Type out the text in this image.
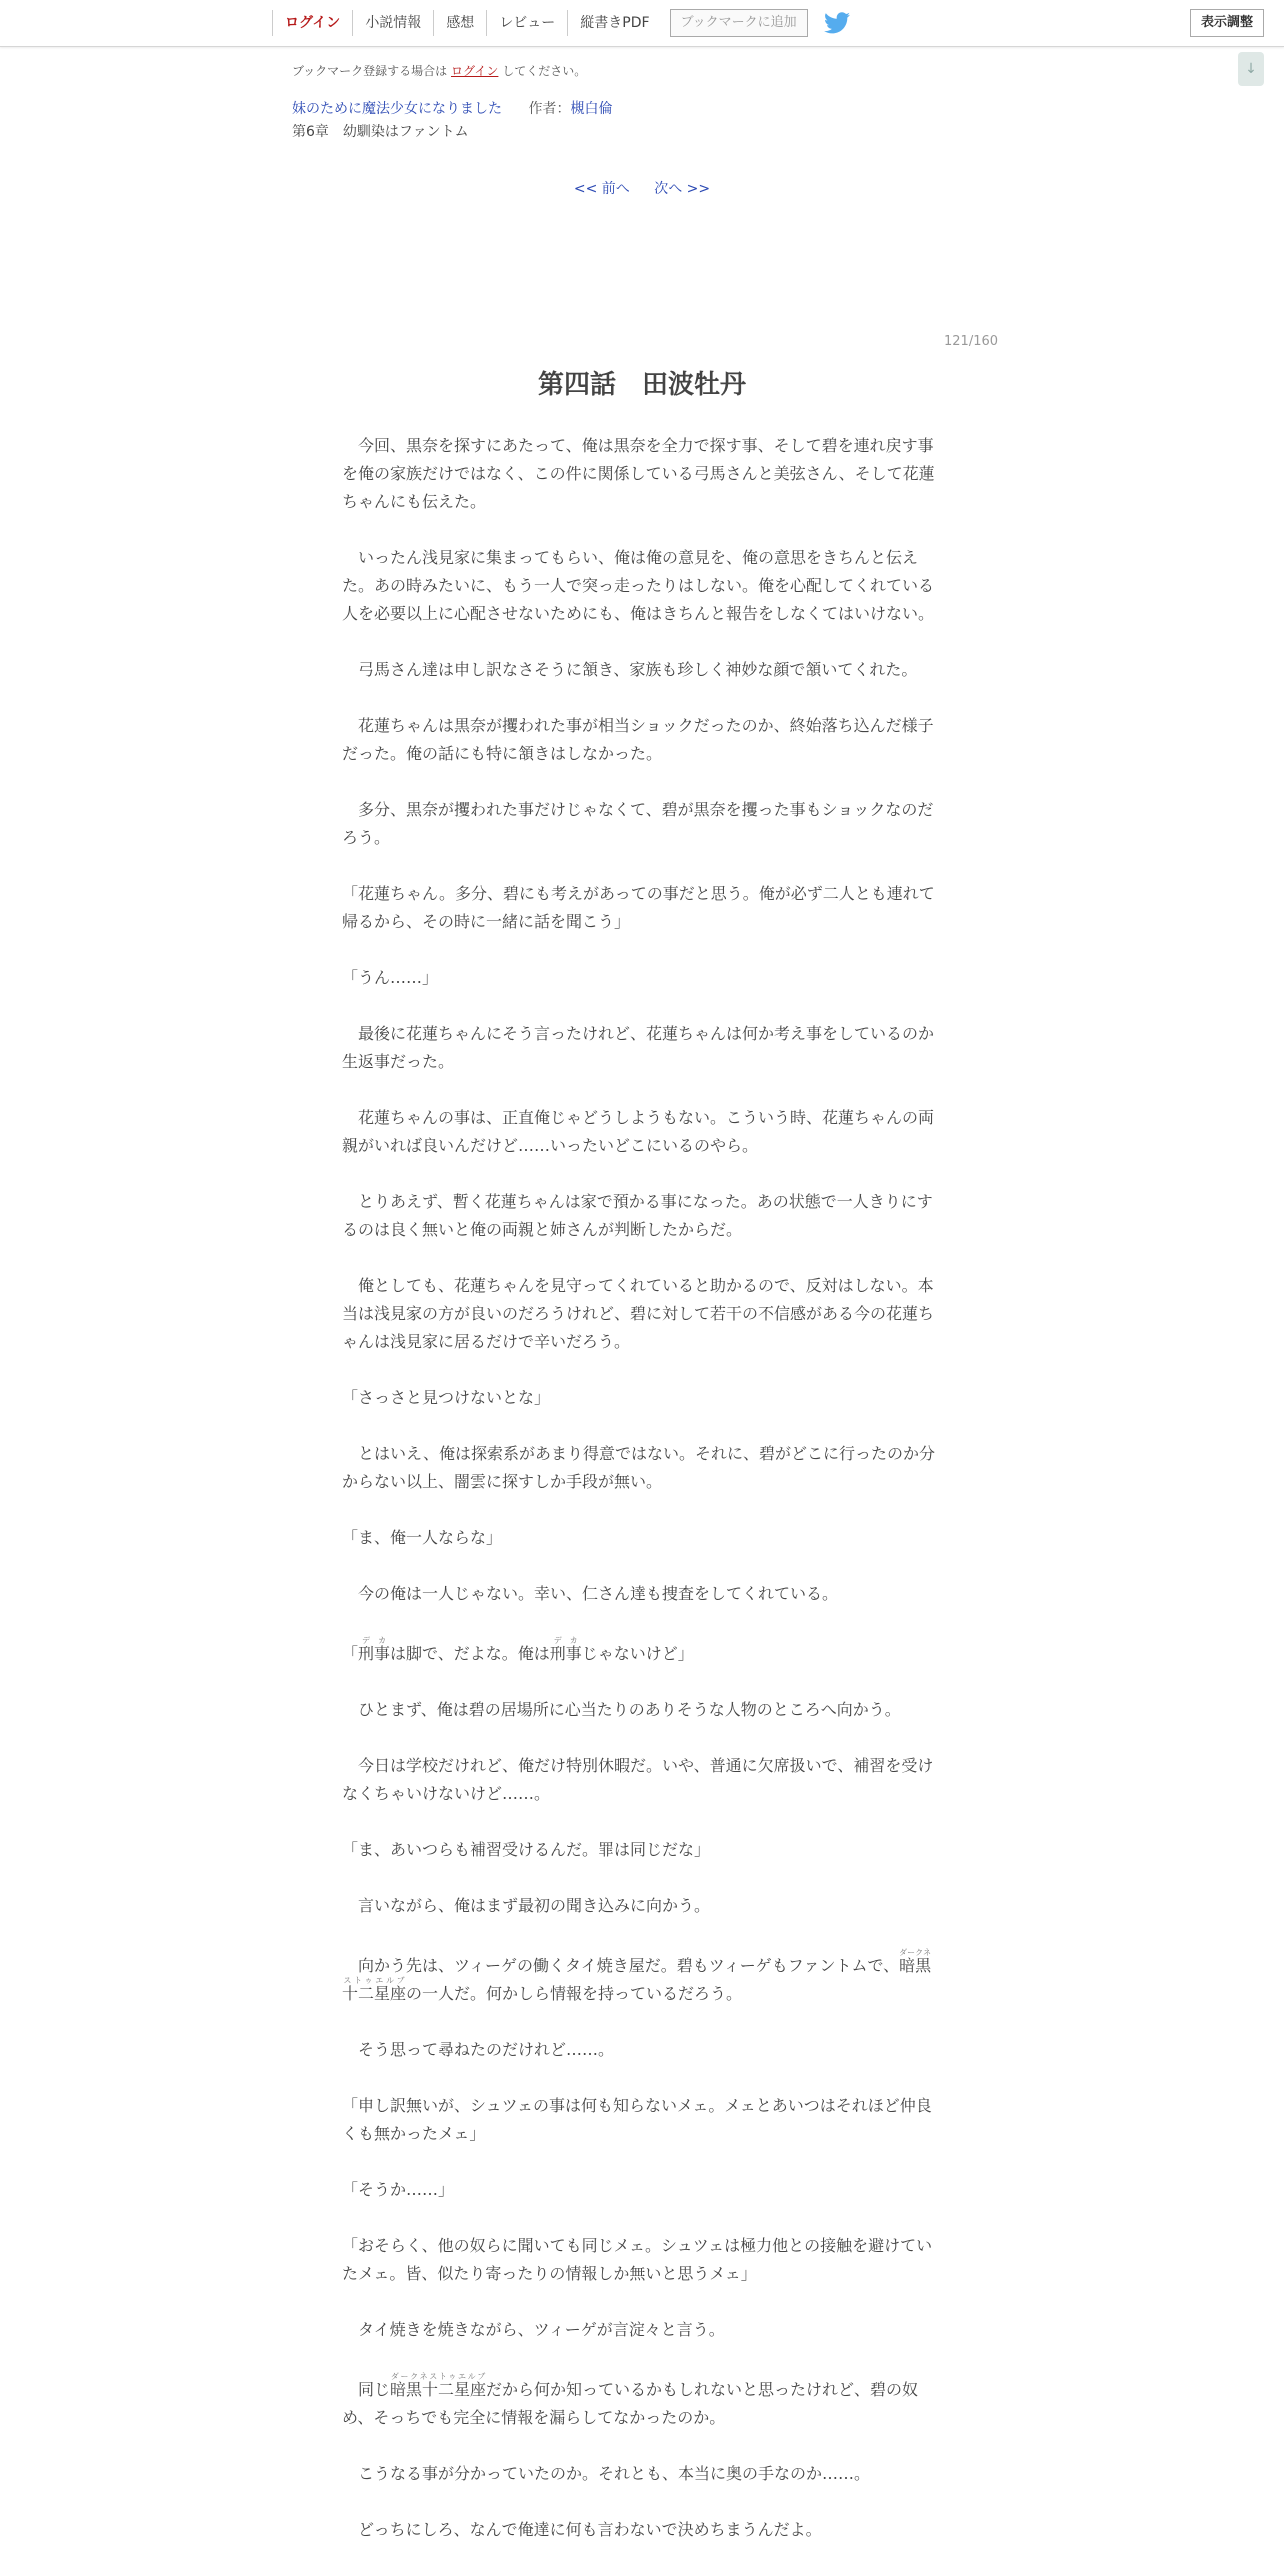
ログイン	小説情報	感想	レビュー	縦書きPDF	ブックマークに追加	表示調整
↓
ブックマーク登録する場合は ログイン してください。
妹のために魔法少女になりました 作者：槻白倫
第6章　幼馴染はファントム
<< 前へ 次へ >>
121/160
第四話　田波牡丹

　今回、黒奈を探すにあたって、俺は黒奈を全力で探す事、そして碧を連れ戻す事を俺の家族だけではなく、この件に関係している弓馬さんと美弦さん、そして花蓮ちゃんにも伝えた。

　いったん浅見家に集まってもらい、俺は俺の意見を、俺の意思をきちんと伝えた。あの時みたいに、もう一人で突っ走ったりはしない。俺を心配してくれている人を必要以上に心配させないためにも、俺はきちんと報告をしなくてはいけない。

　弓馬さん達は申し訳なさそうに頷き、家族も珍しく神妙な顔で頷いてくれた。

　花蓮ちゃんは黒奈が攫われた事が相当ショックだったのか、終始落ち込んだ様子だった。俺の話にも特に頷きはしなかった。

　多分、黒奈が攫われた事だけじゃなくて、碧が黒奈を攫った事もショックなのだろう。

「花蓮ちゃん。多分、碧にも考えがあっての事だと思う。俺が必ず二人とも連れて帰るから、その時に一緒に話を聞こう」

「うん……」

　最後に花蓮ちゃんにそう言ったけれど、花蓮ちゃんは何か考え事をしているのか生返事だった。

　花蓮ちゃんの事は、正直俺じゃどうしようもない。こういう時、花蓮ちゃんの両親がいれば良いんだけど……いったいどこにいるのやら。

　とりあえず、暫く花蓮ちゃんは家で預かる事になった。あの状態で一人きりにするのは良く無いと俺の両親と姉さんが判断したからだ。

　俺としても、花蓮ちゃんを見守ってくれていると助かるので、反対はしない。本当は浅見家の方が良いのだろうけれど、碧に対して若干の不信感がある今の花蓮ちゃんは浅見家に居るだけで辛いだろう。

「さっさと見つけないとな」

　とはいえ、俺は探索系があまり得意ではない。それに、碧がどこに行ったのか分からない以上、闇雲に探すしか手段が無い。

「ま、俺一人ならな」

　今の俺は一人じゃない。幸い、仁さん達も捜査をしてくれている。

「刑事デカは脚で、だよな。俺は刑事デカじゃないけど」

　ひとまず、俺は碧の居場所に心当たりのありそうな人物のところへ向かう。

　今日は学校だけれど、俺だけ特別休暇だ。いや、普通に欠席扱いで、補習を受けなくちゃいけないけど……。

「ま、あいつらも補習受けるんだ。罪は同じだな」

　言いながら、俺はまず最初の聞き込みに向かう。

　向かう先は、ツィーゲの働くタイ焼き屋だ。碧もツィーゲもファントムで、暗黒十二星座ダークネストゥエルブの一人だ。何かしら情報を持っているだろう。

　そう思って尋ねたのだけれど……。

「申し訳無いが、シュツェの事は何も知らないメェ。メェとあいつはそれほど仲良くも無かったメェ」

「そうか……」

「おそらく、他の奴らに聞いても同じメェ。シュツェは極力他との接触を避けていたメェ。皆、似たり寄ったりの情報しか無いと思うメェ」

　タイ焼きを焼きながら、ツィーゲが言淀々と言う。

　同じ暗黒十二星座ダークネストゥエルブだから何か知っているかもしれないと思ったけれど、碧の奴め、そっちでも完全に情報を漏らしてなかったのか。

　こうなる事が分かっていたのか。それとも、本当に奥の手なのか……。

　どっちにしろ、なんで俺達に何も言わないで決めちまうんだよ。
